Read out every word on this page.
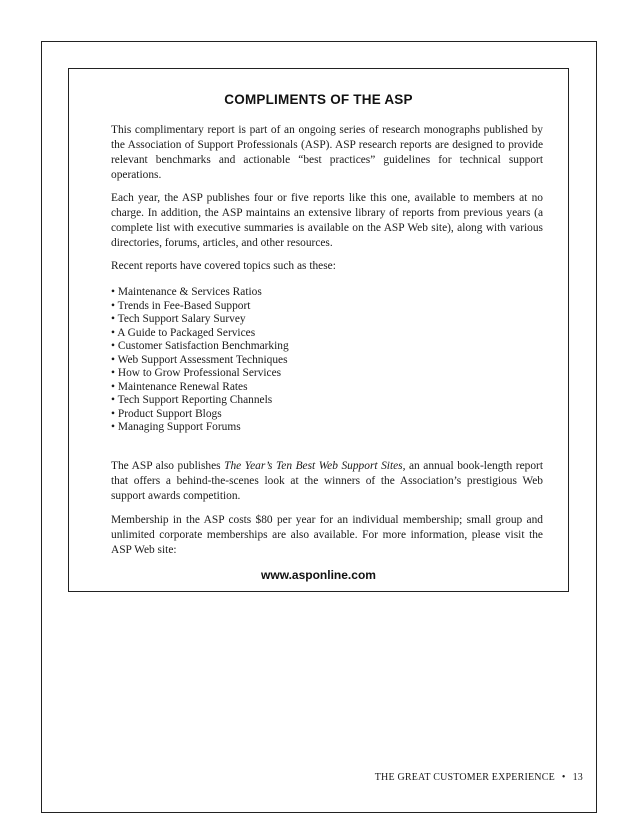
COMPLIMENTS OF THE ASP
This complimentary report is part of an ongoing series of research monographs published by the Association of Support Professionals (ASP). ASP research reports are designed to provide relevant benchmarks and actionable “best practices” guidelines for technical support operations.
Each year, the ASP publishes four or five reports like this one, available to members at no charge. In addition, the ASP maintains an extensive library of reports from previous years (a complete list with executive summaries is available on the ASP Web site), along with various directories, forums, articles, and other resources.
Recent reports have covered topics such as these:
• Maintenance & Services Ratios
• Trends in Fee-Based Support
• Tech Support Salary Survey
• A Guide to Packaged Services
• Customer Satisfaction Benchmarking
• Web Support Assessment Techniques
• How to Grow Professional Services
• Maintenance Renewal Rates
• Tech Support Reporting Channels
• Product Support Blogs
• Managing Support Forums
The ASP also publishes The Year’s Ten Best Web Support Sites, an annual book-length report that offers a behind-the-scenes look at the winners of the Association’s prestigious Web support awards competition.
Membership in the ASP costs $80 per year for an individual membership; small group and unlimited corporate memberships are also available. For more information, please visit the ASP Web site:
www.asponline.com
THE GREAT CUSTOMER EXPERIENCE • 13
